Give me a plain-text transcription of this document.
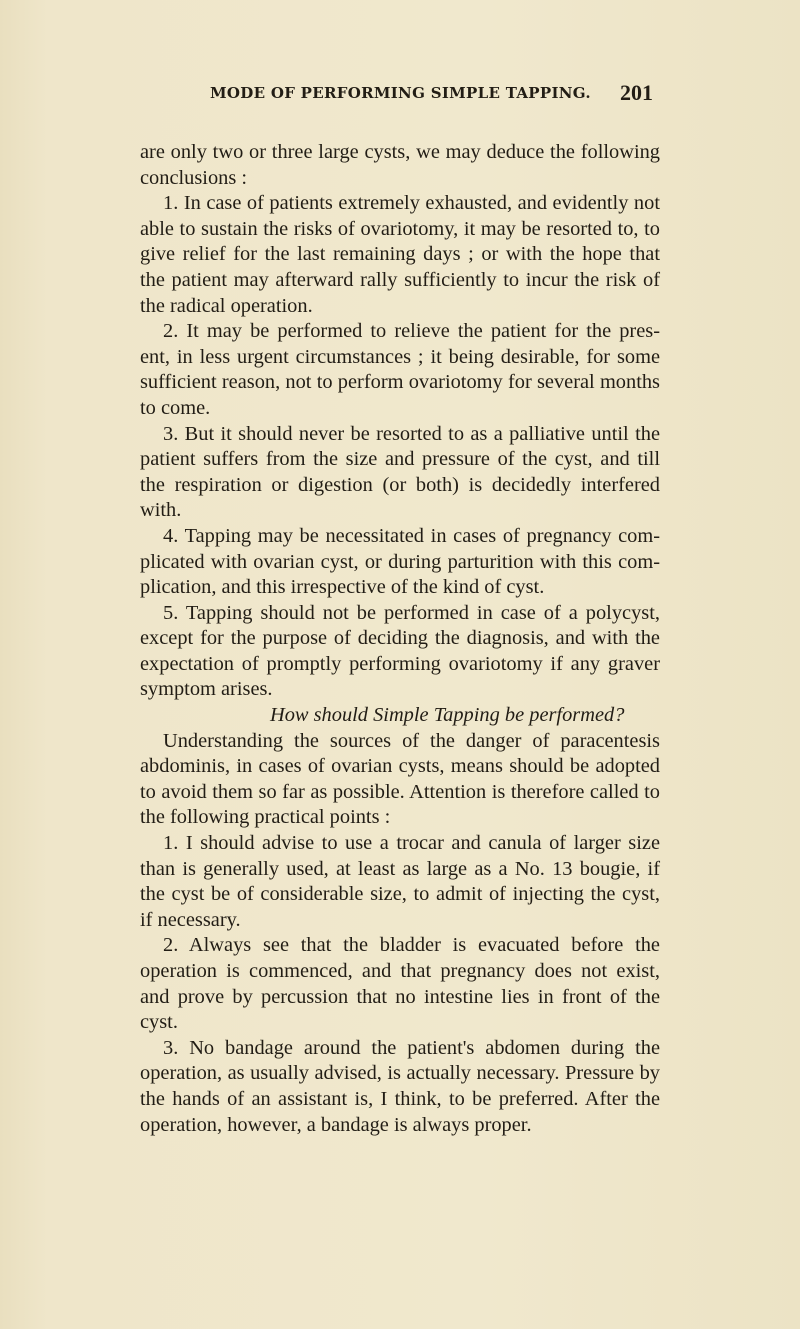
MODE OF PERFORMING SIMPLE TAPPING.	201

are only two or three large cysts, we may deduce the following conclusions :

1. In case of patients extremely exhausted, and evidently not able to sustain the risks of ovariotomy, it may be resorted to, to give relief for the last remaining days ; or with the hope that the patient may afterward rally sufficiently to incur the risk of the radical operation.

2. It may be performed to relieve the patient for the pres- ent, in less urgent circumstances ; it being desirable, for some sufficient reason, not to perform ovariotomy for several months to come.

3. But it should never be resorted to as a palliative until the patient suffers from the size and pressure of the cyst, and till the respiration or digestion (or both) is decidedly interfered with.

4. Tapping may be necessitated in cases of pregnancy com- plicated with ovarian cyst, or during parturition with this com- plication, and this irrespective of the kind of cyst.

5. Tapping should not be performed in case of a polycyst, except for the purpose of deciding the diagnosis, and with the expectation of promptly performing ovariotomy if any graver symptom arises.

How should Simple Tapping be performed?

Understanding the sources of the danger of paracentesis abdominis, in cases of ovarian cysts, means should be adopted to avoid them so far as possible. Attention is therefore called to the following practical points :

1. I should advise to use a trocar and canula of larger size than is generally used, at least as large as a No. 13 bougie, if the cyst be of considerable size, to admit of injecting the cyst, if necessary.

2. Always see that the bladder is evacuated before the operation is commenced, and that pregnancy does not exist, and prove by percussion that no intestine lies in front of the cyst.

3. No bandage around the patient's abdomen during the operation, as usually advised, is actually necessary. Pressure by the hands of an assistant is, I think, to be preferred. After the operation, however, a bandage is always proper.
